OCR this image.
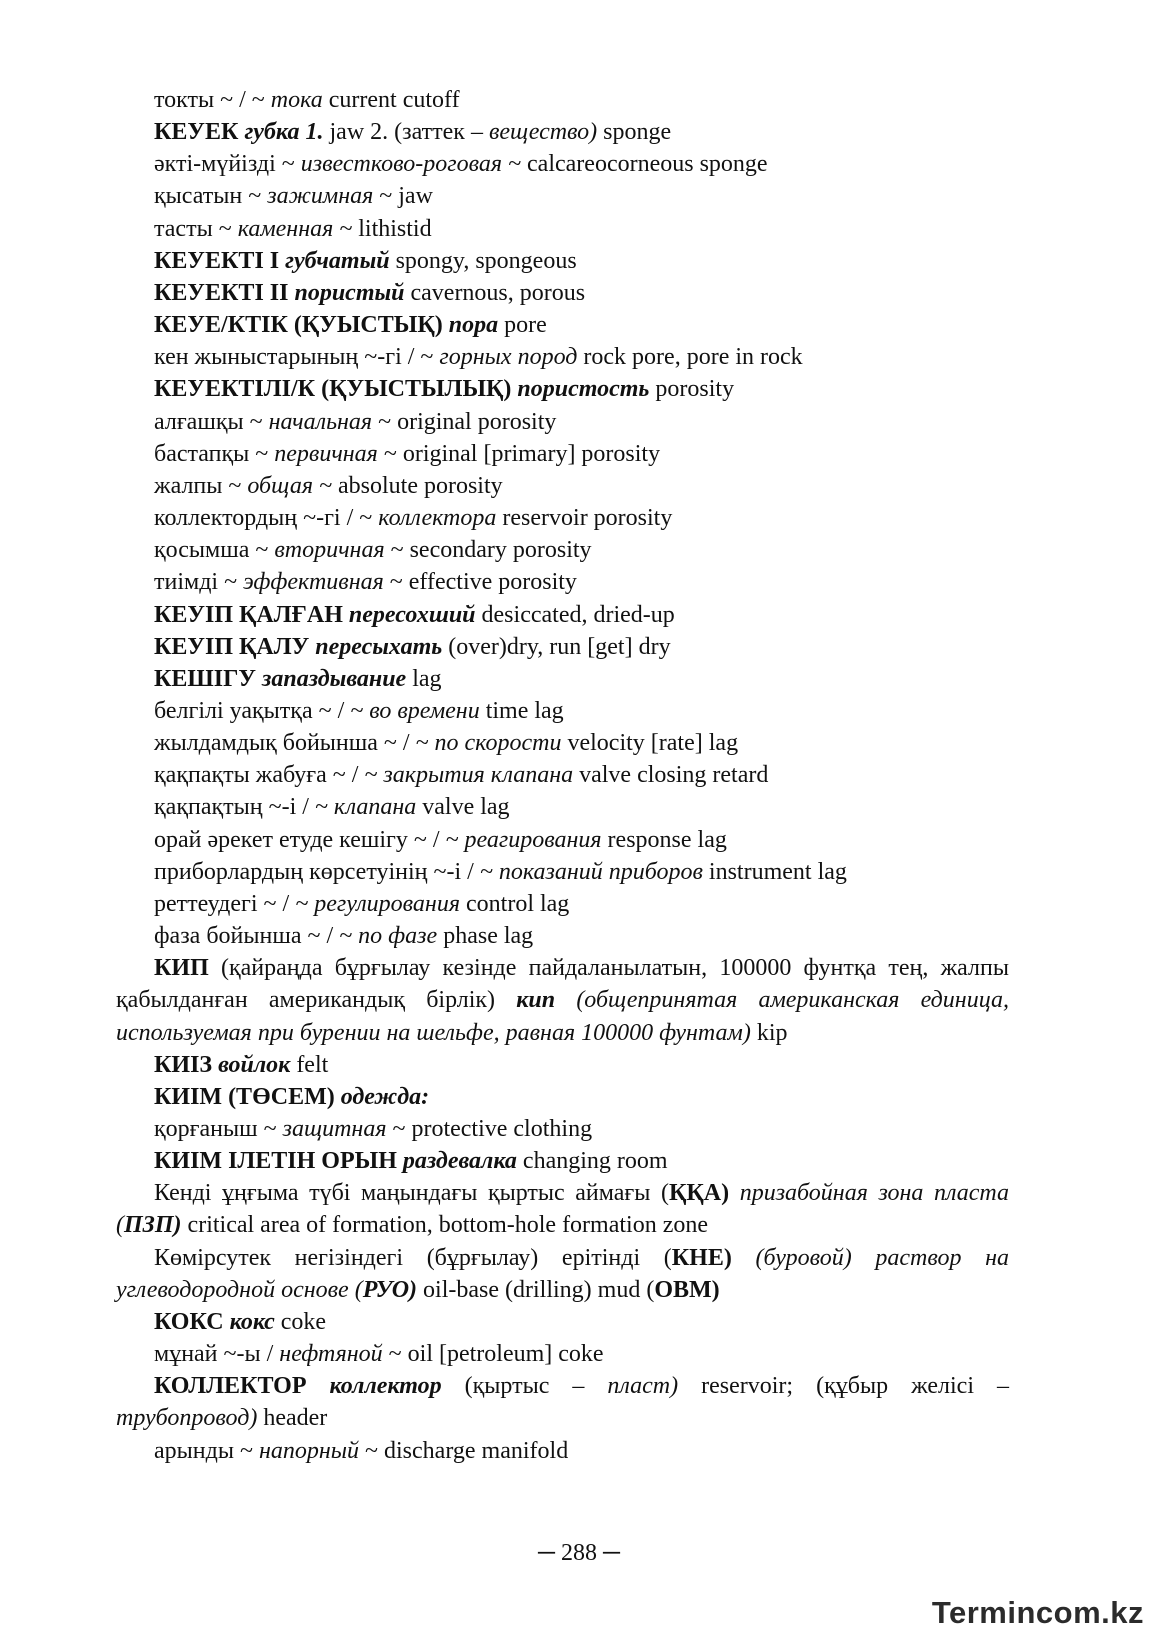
токты ~ / ~ тока current cutoff
КЕУЕК губка 1. jaw 2. (заттек – вещество) sponge
әкті-мүйізді ~ известково-роговая ~ calcareocorneous sponge
қысатын ~ зажимная ~ jaw
тасты ~ каменная ~ lithistid
КЕУЕКТІ I губчатый spongy, spongeous
КЕУЕКТІ II пористый cavernous, porous
КЕУЕ/КТІК (ҚУЫСТЫҚ) пора pore
кен жыныстарының ~-гі / ~ горных пород rock pore, pore in rock
КЕУЕКТІЛІ/К (ҚУЫСТЫЛЫҚ) пористость porosity
алғашқы ~ начальная ~ original porosity
бастапқы ~ первичная ~ original [primary] porosity
жалпы ~ общая ~ absolute porosity
коллектордың ~-гі / ~ коллектора reservoir porosity
қосымша ~ вторичная ~ secondary porosity
тиімді ~ эффективная ~ effective porosity
КЕУІП ҚАЛҒАН пересохший desiccated, dried-up
КЕУІП ҚАЛУ пересыхать (over)dry, run [get] dry
КЕШІГУ запаздывание lag
белгілі уақытқа ~ / ~ во времени time lag
жылдамдық бойынша ~ / ~ по скорости velocity [rate] lag
қақпақты жабуға ~ / ~ закрытия клапана valve closing retard
қақпақтың ~-і / ~ клапана valve lag
орай әрекет етуде кешігу ~ / ~ реагирования response lag
приборлардың көрсетуінің ~-і / ~ показаний приборов instrument lag
реттеудегі ~ / ~ регулирования control lag
фаза бойынша ~ / ~ по фазе phase lag
КИП (қайраңда бұрғылау кезінде пайдаланылатын, 100000 фунтқа тең, жалпы қабылданған американдық бірлік) кип (общепринятая американская единица, используемая при бурении на шельфе, равная 100000 фунтам) kip
КИІЗ войлок felt
КИІМ (ТӨСЕМ) одежда:
қорғаныш ~ защитная ~ protective clothing
КИІМ ІЛЕТІН ОРЫН раздевалка changing room
Кенді ұңғыма түбі маңындағы қыртыс аймағы (ҚҚА) призабойная зона пласта (ПЗП) critical area of formation, bottom-hole formation zone
Көмірсутек негізіндегі (бұрғылау) ерітінді (КНЕ) (буровой) раствор на углеводородной основе (РУО) oil-base (drilling) mud (OBM)
КОКС кокс coke
мұнай ~-ы / нефтяной ~ oil [petroleum] coke
КОЛЛЕКТОР коллектор (қыртыс – пласт) reservoir; (құбыр желісі – трубопровод) header
арынды ~ напорный ~ discharge manifold
─ 288 ─
Termincom.kz
